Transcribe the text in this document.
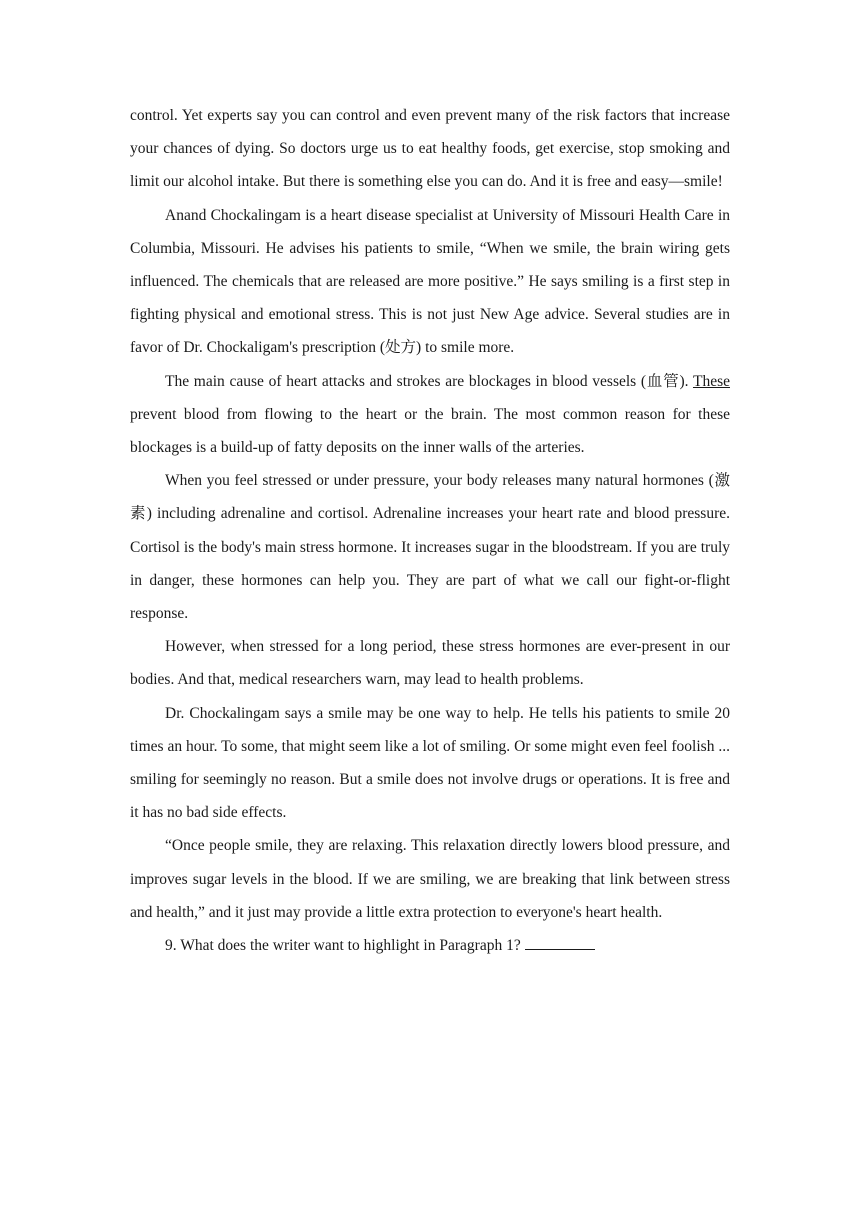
control. Yet experts say you can control and even prevent many of the risk factors that increase your chances of dying. So doctors urge us to eat healthy foods, get exercise, stop smoking and limit our alcohol intake. But there is something else you can do. And it is free and easy—smile!

Anand Chockalingam is a heart disease specialist at University of Missouri Health Care in Columbia, Missouri. He advises his patients to smile, “When we smile, the brain wiring gets influenced. The chemicals that are released are more positive.” He says smiling is a first step in fighting physical and emotional stress. This is not just New Age advice. Several studies are in favor of Dr. Chockaligam's prescription (处方) to smile more.

The main cause of heart attacks and strokes are blockages in blood vessels (血管). These prevent blood from flowing to the heart or the brain. The most common reason for these blockages is a build-up of fatty deposits on the inner walls of the arteries.

When you feel stressed or under pressure, your body releases many natural hormones (激素) including adrenaline and cortisol. Adrenaline increases your heart rate and blood pressure. Cortisol is the body's main stress hormone. It increases sugar in the bloodstream. If you are truly in danger, these hormones can help you. They are part of what we call our fight-or-flight response.

However, when stressed for a long period, these stress hormones are ever-present in our bodies. And that, medical researchers warn, may lead to health problems.

Dr. Chockalingam says a smile may be one way to help. He tells his patients to smile 20 times an hour. To some, that might seem like a lot of smiling. Or some might even feel foolish ... smiling for seemingly no reason. But a smile does not involve drugs or operations. It is free and it has no bad side effects.

“Once people smile, they are relaxing. This relaxation directly lowers blood pressure, and improves sugar levels in the blood. If we are smiling, we are breaking that link between stress and health,” and it just may provide a little extra protection to everyone's heart health.

9. What does the writer want to highlight in Paragraph 1?
